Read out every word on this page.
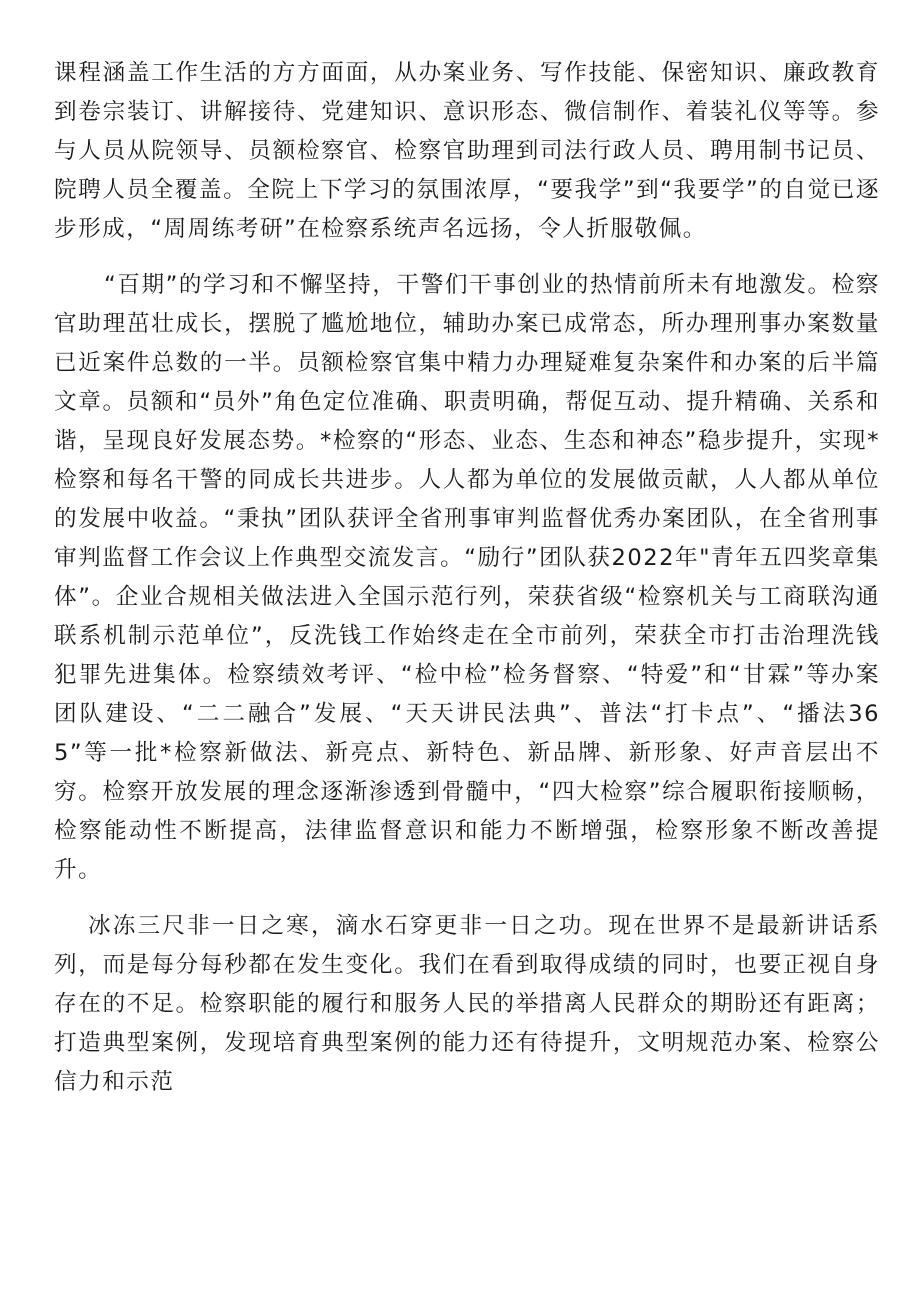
课程涵盖工作生活的方方面面，从办案业务、写作技能、保密知识、廉政教育到卷宗装订、讲解接待、党建知识、意识形态、微信制作、着装礼仪等等。参与人员从院领导、员额检察官、检察官助理到司法行政人员、聘用制书记员、院聘人员全覆盖。全院上下学习的氛围浓厚，“要我学”到“我要学”的自觉已逐步形成，“周周练考研”在检察系统声名远扬，令人折服敬佩。

“百期”的学习和不懈坚持，干警们干事创业的热情前所未有地激发。检察官助理茁壮成长，摆脱了尴尬地位，辅助办案已成常态，所办理刑事办案数量已近案件总数的一半。员额检察官集中精力办理疑难复杂案件和办案的后半篇文章。员额和“员外”角色定位准确、职责明确，帮促互动、提升精确、关系和谐，呈现良好发展态势。*检察的“形态、业态、生态和神态”稳步提升，实现*检察和每名干警的同成长共进步。人人都为单位的发展做贡献，人人都从单位的发展中收益。“秉执”团队获评全省刑事审判监督优秀办案团队，在全省刑事审判监督工作会议上作典型交流发言。“励行”团队获2022年"青年五四奖章集体”。企业合规相关做法进入全国示范行列，荣获省级“检察机关与工商联沟通联系机制示范单位”，反洗钱工作始终走在全市前列，荣获全市打击治理洗钱犯罪先进集体。检察绩效考评、“检中检”检务督察、“特爱”和“甘霖”等办案团队建设、“二二融合”发展、“天天讲民法典”、普法“打卡点”、“播法365”等一批*检察新做法、新亮点、新特色、新品牌、新形象、好声音层出不穷。检察开放发展的理念逐渐渗透到骨髓中，“四大检察”综合履职衔接顺畅，检察能动性不断提高，法律监督意识和能力不断增强，检察形象不断改善提升。

冰冻三尺非一日之寒，滴水石穿更非一日之功。现在世界不是最新讲话系列，而是每分每秒都在发生变化。我们在看到取得成绩的同时，也要正视自身存在的不足。检察职能的履行和服务人民的举措离人民群众的期盼还有距离；打造典型案例，发现培育典型案例的能力还有待提升，文明规范办案、检察公信力和示范
